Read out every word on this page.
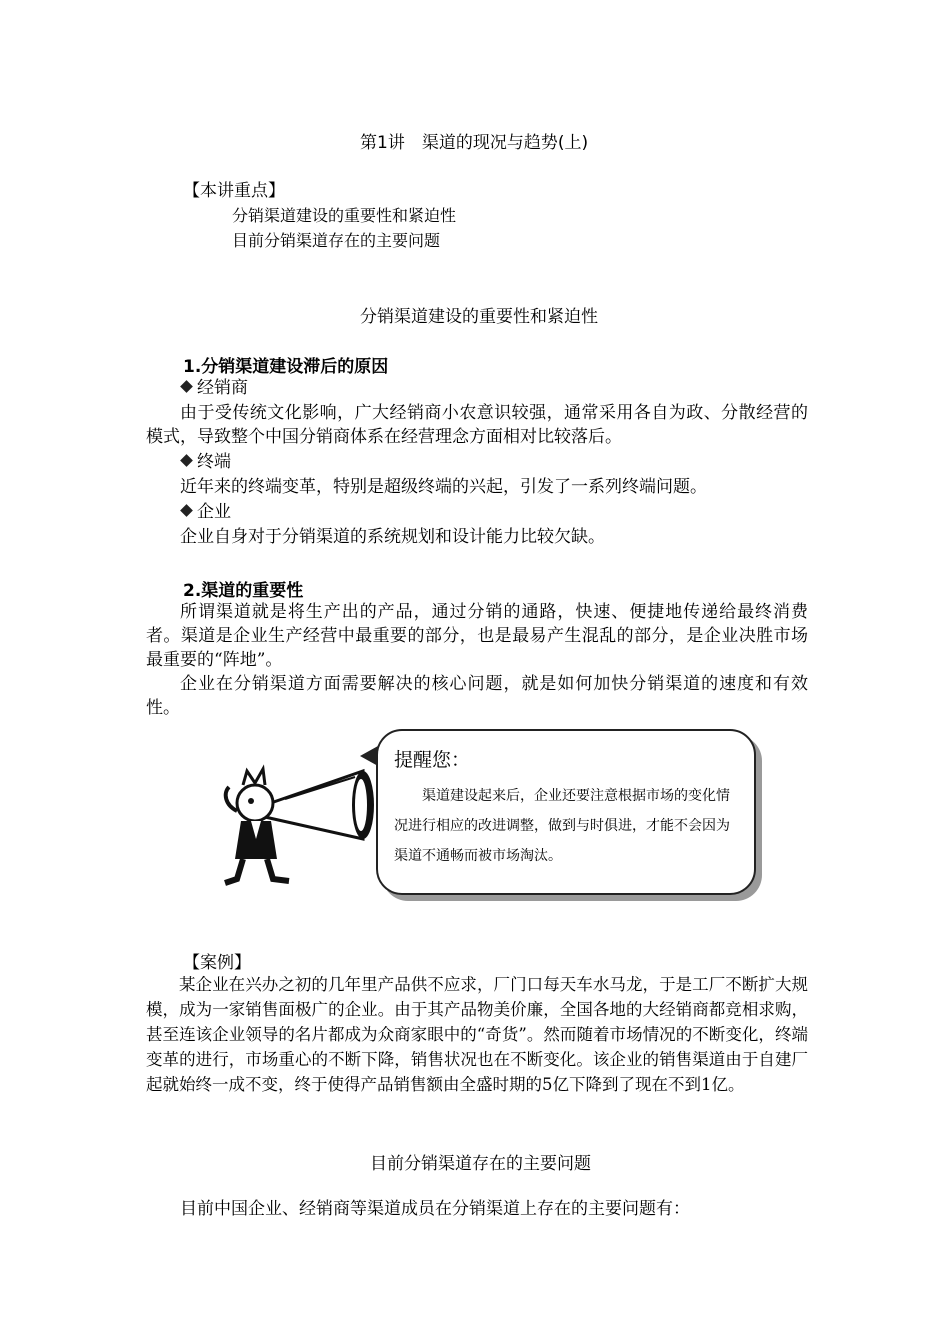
第1讲　渠道的现况与趋势(上)
【本讲重点】
分销渠道建设的重要性和紧迫性
目前分销渠道存在的主要问题
分销渠道建设的重要性和紧迫性
1.分销渠道建设滞后的原因
经销商

由于受传统文化影响，广大经销商小农意识较强，通常采用各自为政、分散经营的模式，导致整个中国分销商体系在经营理念方面相对比较落后。

终端

近年来的终端变革，特别是超级终端的兴起，引发了一系列终端问题。

企业

企业自身对于分销渠道的系统规划和设计能力比较欠缺。

2.渠道的重要性

所谓渠道就是将生产出的产品，通过分销的通路，快速、便捷地传递给最终消费者。渠道是企业生产经营中最重要的部分，也是最易产生混乱的部分，是企业决胜市场最重要的“阵地”。

企业在分销渠道方面需要解决的核心问题，就是如何加快分销渠道的速度和有效性。

提醒您：
渠道建设起来后，企业还要注意根据市场的变化情况进行相应的改进调整，做到与时俱进，才能不会因为渠道不通畅而被市场淘汰。
【案例】

某企业在兴办之初的几年里产品供不应求，厂门口每天车水马龙，于是工厂不断扩大规模，成为一家销售面极广的企业。由于其产品物美价廉，全国各地的大经销商都竞相求购，甚至连该企业领导的名片都成为众商家眼中的“奇货”。然而随着市场情况的不断变化，终端变革的进行，市场重心的不断下降，销售状况也在不断变化。该企业的销售渠道由于自建厂起就始终一成不变，终于使得产品销售额由全盛时期的5亿下降到了现在不到1亿。

目前分销渠道存在的主要问题

目前中国企业、经销商等渠道成员在分销渠道上存在的主要问题有：
